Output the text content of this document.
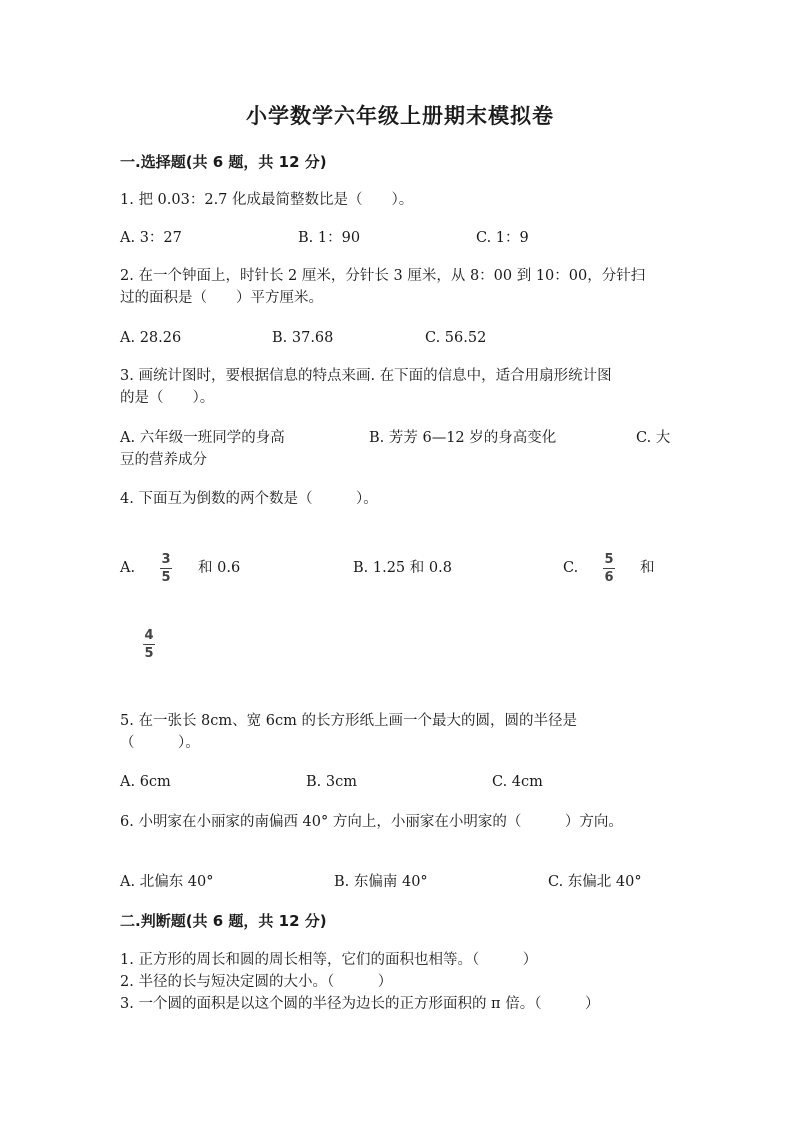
小学数学六年级上册期末模拟卷
一.选择题(共 6 题，共 12 分)
1. 把 0.03：2.7 化成最简整数比是（　　）。
A. 3：27	B. 1：90	C. 1：9
2. 在一个钟面上，时针长 2 厘米，分针长 3 厘米，从 8：00 到 10：00，分针扫
过的面积是（　　）平方厘米。
A. 28.26	B. 37.68	C. 56.52
3. 画统计图时，要根据信息的特点来画. 在下面的信息中，适合用扇形统计图
的是（　　）。
A. 六年级一班同学的身高	B. 芳芳 6—12 岁的身高变化	C. 大
豆的营养成分
4. 下面互为倒数的两个数是（　　　）。
A.
3
5
和 0.6	B. 1.25 和 0.8	C.
5
6
和
4
5
5. 在一张长 8cm、宽 6cm 的长方形纸上画一个最大的圆，圆的半径是
（　　　）。
A. 6cm	B. 3cm	C. 4cm
6. 小明家在小丽家的南偏西 40° 方向上，小丽家在小明家的（　　　）方向。
A. 北偏东 40°	B. 东偏南 40°	C. 东偏北 40°
二.判断题(共 6 题，共 12 分)
1. 正方形的周长和圆的周长相等，它们的面积也相等。（　　　）
2. 半径的长与短决定圆的大小。（　　　）
3. 一个圆的面积是以这个圆的半径为边长的正方形面积的 π 倍。（　　　）
